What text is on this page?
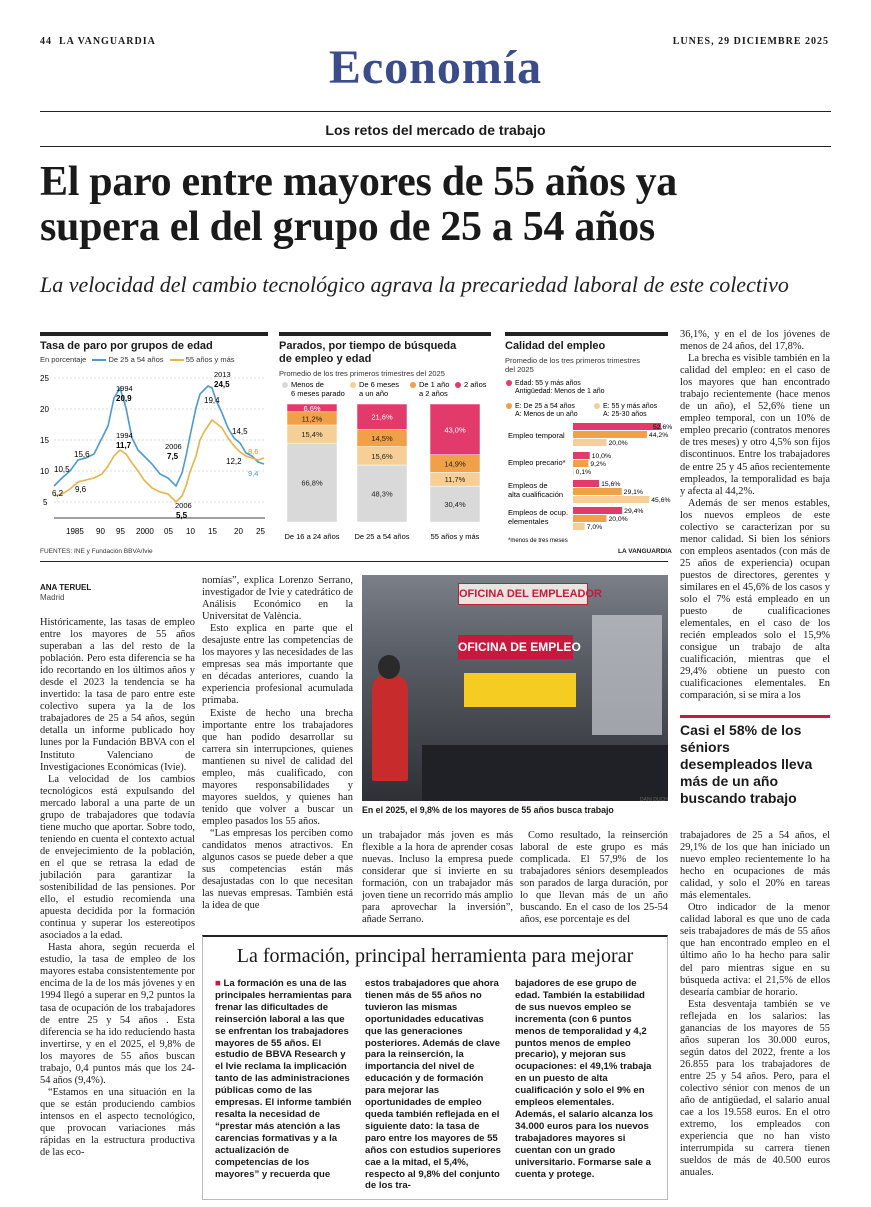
44 LA VANGUARDIA	LUNES, 29 DICIEMBRE 2025
Economía
Los retos del mercado de trabajo
El paro entre mayores de 55 años ya
supera el del grupo de 25 a 54 años
La velocidad del cambio tecnológico agrava la precariedad laboral de este colectivo
Tasa de paro por grupos de edad
En porcentaje	De 25 a 54 años	55 años y más
25
20
15
10
5
15,6
10,5
6,2 9,6
1994
20,9
1994
11,7	2006
7,5
2006
5,5
2013
24,5
19,4
14,5
12,2
9,4
8,6
1985 90 95 2000 05 10 15 20 25
Parados, por tiempo de búsqueda
de empleo y edad
Promedio de los tres primeros trimestres del 2025
Menos de
6 meses parado
De 6 meses
a un año
De 1 año
a 2 años
2 años
66,8%
15,4%
11,2%
6,6%
48,3%
15,6%
14,5%
21,6%
30,4%
11,7%
14,9%
43,0%
De 16 a 24 años De 25 a 54 años	55 años y más
Calidad del empleo
Promedio de los tres primeros trimestres
del 2025
Edad: 55 y más años
Antigüedad: Menos de 1 año
E: De 25 a 54 años
A: Menos de un año
E: 55 y más años
A: 25-30 años
Empleo temporal
Empleo precario*
Empleos de
alta cualificación
Empleos de ocup.
elementales
52,6%
44,2%
20,0%
10,0%
9,2%
0,1%
15,6%
29,1%
45,6%
29,4%
20,0%
7,0%
*menos de tres meses
FUENTES: INE y Fundación BBVA/Ivie	LA VANGUARDIA
ANA TERUEL
Madrid

Históricamente, las tasas de empleo entre los mayores de 55 años superaban a las del resto de la población. Pero esta diferencia se ha ido recortando en los últimos años y desde el 2023 la tendencia se ha invertido: la tasa de paro entre este colectivo supera ya la de los trabajadores de 25 a 54 años, según detalla un informe publicado hoy lunes por la Fundación BBVA con el Instituto Valenciano de Investigaciones Económicas (Ivie).

La velocidad de los cambios tecnológicos está expulsando del mercado laboral a una parte de un grupo de trabajadores que todavía tiene mucho que aportar. Sobre todo, teniendo en cuenta el contexto actual de envejecimiento de la población, en el que se retrasa la edad de jubilación para garantizar la sostenibilidad de las pensiones. Por ello, el estudio recomienda una apuesta decidida por la formación continua y superar los estereotipos asociados a la edad.

Hasta ahora, según recuerda el estudio, la tasa de empleo de los mayores estaba consistentemente por encima de la de los más jóvenes y en 1994 llegó a superar en 9,2 puntos la tasa de ocupación de los trabajadores de entre 25 y 54 años . Esta diferencia se ha ido reduciendo hasta invertirse, y en el 2025, el 9,8% de los mayores de 55 años buscan trabajo, 0,4 puntos más que los 24-54 años (9,4%).

“Estamos en una situación en la que se están produciendo cambios intensos en el aspecto tecnológico, que provocan variaciones más rápidas en la estructura productiva de las eco-

nomías”, explica Lorenzo Serrano, investigador de Ivie y catedrático de Análisis Económico en la Universitat de València.

Esto explica en parte que el desajuste entre las competencias de los mayores y las necesidades de las empresas sea más importante que en décadas anteriores, cuando la experiencia profesional acumulada primaba.

Existe de hecho una brecha importante entre los trabajadores que han podido desarrollar su carrera sin interrupciones, quienes mantienen su nivel de calidad del empleo, más cualificado, con mayores responsabilidades y mayores sueldos, y quienes han tenido que volver a buscar un empleo pasados los 55 años.

“Las empresas los perciben como candidatos menos atractivos. En algunos casos se puede deber a que sus competencias están más desajustadas con lo que necesitan las nuevas empresas. También está la idea de que

OFICINA DEL EMPLEADOR
OFICINA DE EMPLEO
En el 2025, el 9,8% de los mayores de 55 años busca trabajo
DANI DUCH

un trabajador más joven es más flexible a la hora de aprender cosas nuevas. Incluso la empresa puede considerar que si invierte en su formación, con un trabajador más joven tiene un recorrido más amplio para aprovechar la inversión”, añade Serrano.

Como resultado, la reinserción laboral de este grupo es más complicada. El 57,9% de los trabajadores séniors desempleados son parados de larga duración, por lo que llevan más de un año buscando. En el caso de los 25-54 años, ese porcentaje es del

36,1%, y en el de los jóvenes de menos de 24 años, del 17,8%.

La brecha es visible también en la calidad del empleo: en el caso de los mayores que han encontrado trabajo recientemente (hace menos de un año), el 52,6% tiene un empleo temporal, con un 10% de empleo precario (contratos menores de tres meses) y otro 4,5% son fijos discontinuos. Entre los trabajadores de entre 25 y 45 años recientemente empleados, la temporalidad es baja y afecta al 44,2%.

Además de ser menos estables, los nuevos empleos de este colectivo se caracterizan por su menor calidad. Si bien los séniors con empleos asentados (con más de 25 años de experiencia) ocupan puestos de directores, gerentes y similares en el 45,6% de los casos y solo el 7% está empleado en un puesto de cualificaciones elementales, en el caso de los recién empleados solo el 15,9% consigue un trabajo de alta cualificación, mientras que el 29,4% obtiene un puesto con cualificaciones elementales. En comparación, si se mira a los

Casi el 58% de los séniors desempleados lleva más de un año buscando trabajo

trabajadores de 25 a 54 años, el 29,1% de los que han iniciado un nuevo empleo recientemente lo ha hecho en ocupaciones de más calidad, y solo el 20% en tareas más elementales.

Otro indicador de la menor calidad laboral es que uno de cada seis trabajadores de más de 55 años que han encontrado empleo en el último año lo ha hecho para salir del paro mientras sigue en su búsqueda activa: el 21,5% de ellos desearía cambiar de horario.

Esta desventaja también se ve reflejada en los salarios: las ganancias de los mayores de 55 años superan los 30.000 euros, según datos del 2022, frente a los 26.855 para los trabajadores de entre 25 y 54 años. Pero, para el colectivo sénior con menos de un año de antigüedad, el salario anual cae a los 19.558 euros. En el otro extremo, los empleados con experiencia que no han visto interrumpida su carrera tienen sueldos de más de 40.500 euros anuales.

La formación, principal herramienta para mejorar
■ La formación es una de las principales herramientas para frenar las dificultades de reinserción laboral a las que se enfrentan los trabajadores mayores de 55 años. El estudio de BBVA Research y el Ivie reclama la implicación tanto de las administraciones públicas como de las empresas. El informe también resalta la necesidad de “prestar más atención a las carencias formativas y a la actualización de competencias de los mayores” y recuerda que
estos trabajadores que ahora tienen más de 55 años no tuvieron las mismas oportunidades educativas que las generaciones posteriores. Además de clave para la reinserción, la importancia del nivel de educación y de formación para mejorar las oportunidades de empleo queda también reflejada en el siguiente dato: la tasa de paro entre los mayores de 55 años con estudios superiores cae a la mitad, el 5,4%, respecto al 9,8% del conjunto de los tra-
bajadores de ese grupo de edad. También la estabilidad de sus nuevos empleo se incrementa (con 6 puntos menos de temporalidad y 4,2 puntos menos de empleo precario), y mejoran sus ocupaciones: el 49,1% trabaja en un puesto de alta cualificación y solo el 9% en empleos elementales. Además, el salario alcanza los 34.000 euros para los nuevos trabajadores mayores si cuentan con un grado universitario. Formarse sale a cuenta y protege.
